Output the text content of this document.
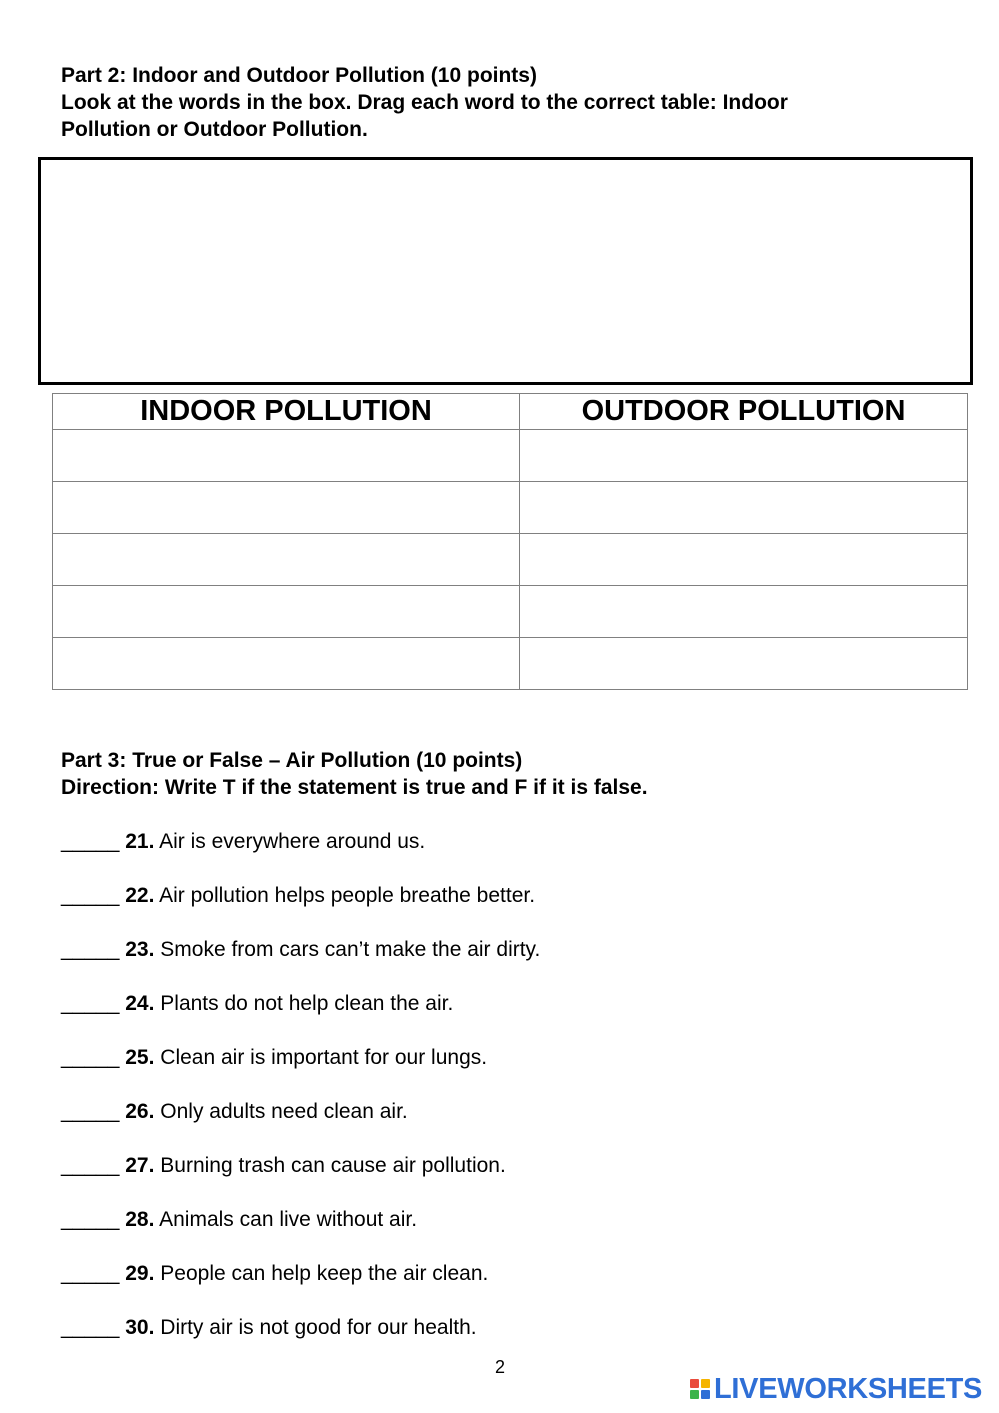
Part 2: Indoor and Outdoor Pollution (10 points)
Look at the words in the box. Drag each word to the correct table: Indoor
Pollution or Outdoor Pollution.
INDOOR POLLUTION	OUTDOOR POLLUTION

Part 3: True or False – Air Pollution (10 points)
Direction: Write T if the statement is true and F if it is false.
_____ 21. Air is everywhere around us.
_____ 22. Air pollution helps people breathe better.
_____ 23. Smoke from cars can’t make the air dirty.
_____ 24. Plants do not help clean the air.
_____ 25. Clean air is important for our lungs.
_____ 26. Only adults need clean air.
_____ 27. Burning trash can cause air pollution.
_____ 28. Animals can live without air.
_____ 29. People can help keep the air clean.
_____ 30. Dirty air is not good for our health.
2
LIVEWORKSHEETS
